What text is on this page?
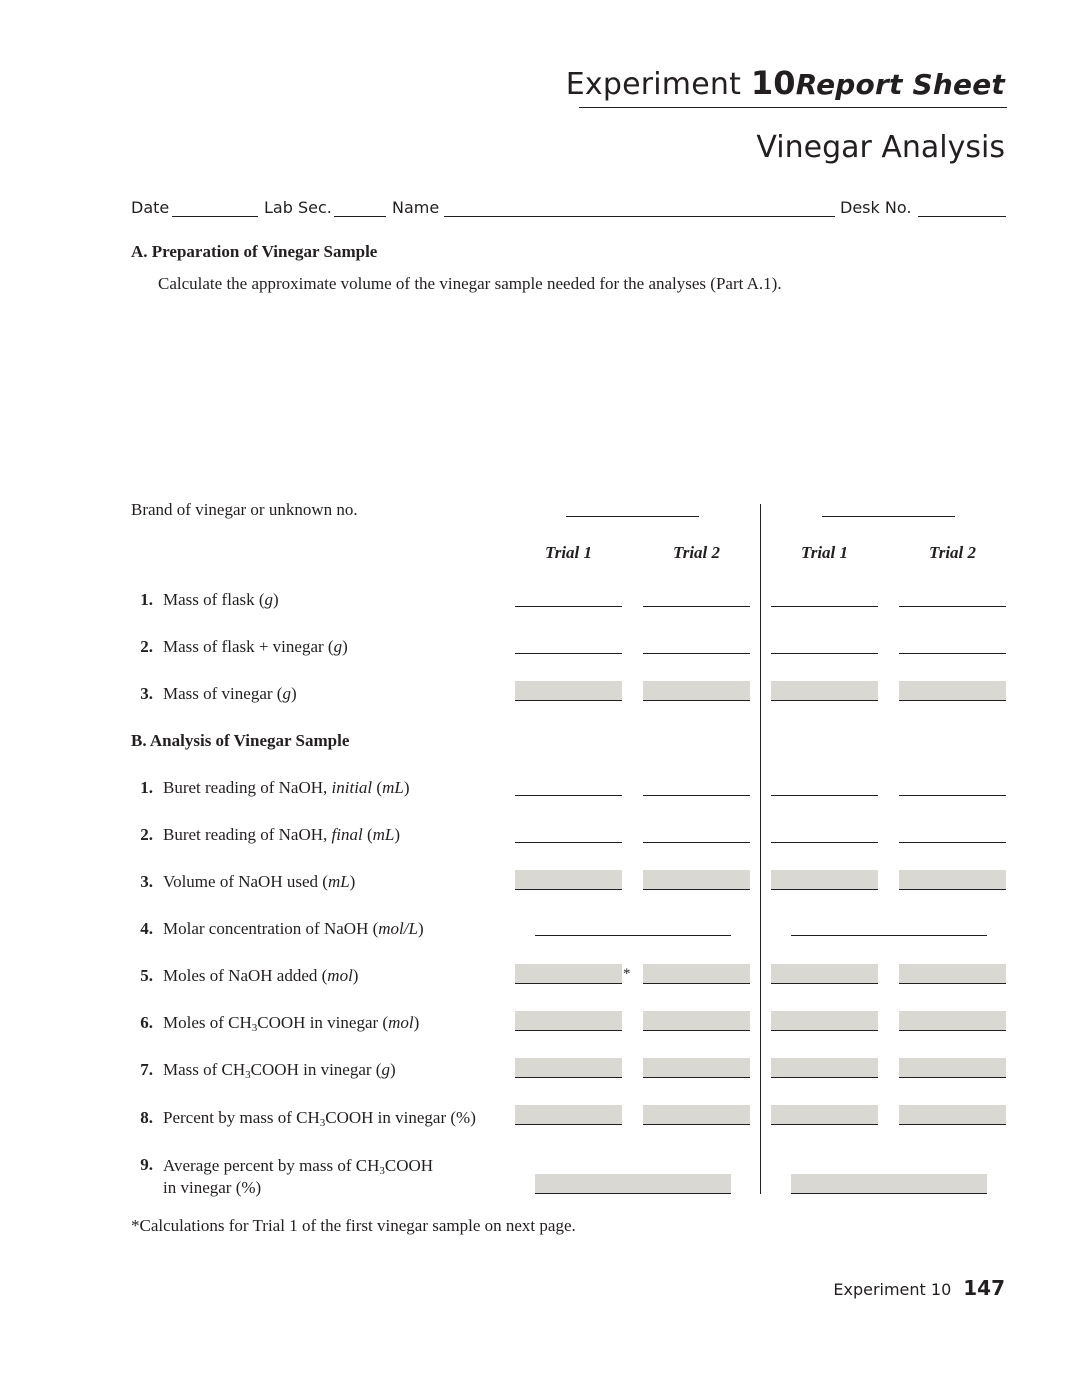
Experiment 10Report Sheet
Vinegar Analysis
Date	Lab Sec.	Name	Desk No.
A. Preparation of Vinegar Sample
Calculate the approximate volume of the vinegar sample needed for the analyses (Part A.1).
Brand of vinegar or unknown no.
Trial 1	Trial 2	Trial 1	Trial 2
1. Mass of flask (g)
2. Mass of flask + vinegar (g)
3. Mass of vinegar (g)
B. Analysis of Vinegar Sample
1. Buret reading of NaOH, initial (mL)
2. Buret reading of NaOH, final (mL)
3. Volume of NaOH used (mL)
4. Molar concentration of NaOH (mol/L)
5. Moles of NaOH added (mol)	*
6. Moles of $CH_3COOH$ in vinegar (mol)
7. Mass of $CH_3COOH$ in vinegar (g)
8. Percent by mass of $CH_3COOH$ in vinegar (%)
9. Average percent by mass of $CH_3COOH$
in vinegar (%)
*Calculations for Trial 1 of the first vinegar sample on next page.
Experiment 10 147
